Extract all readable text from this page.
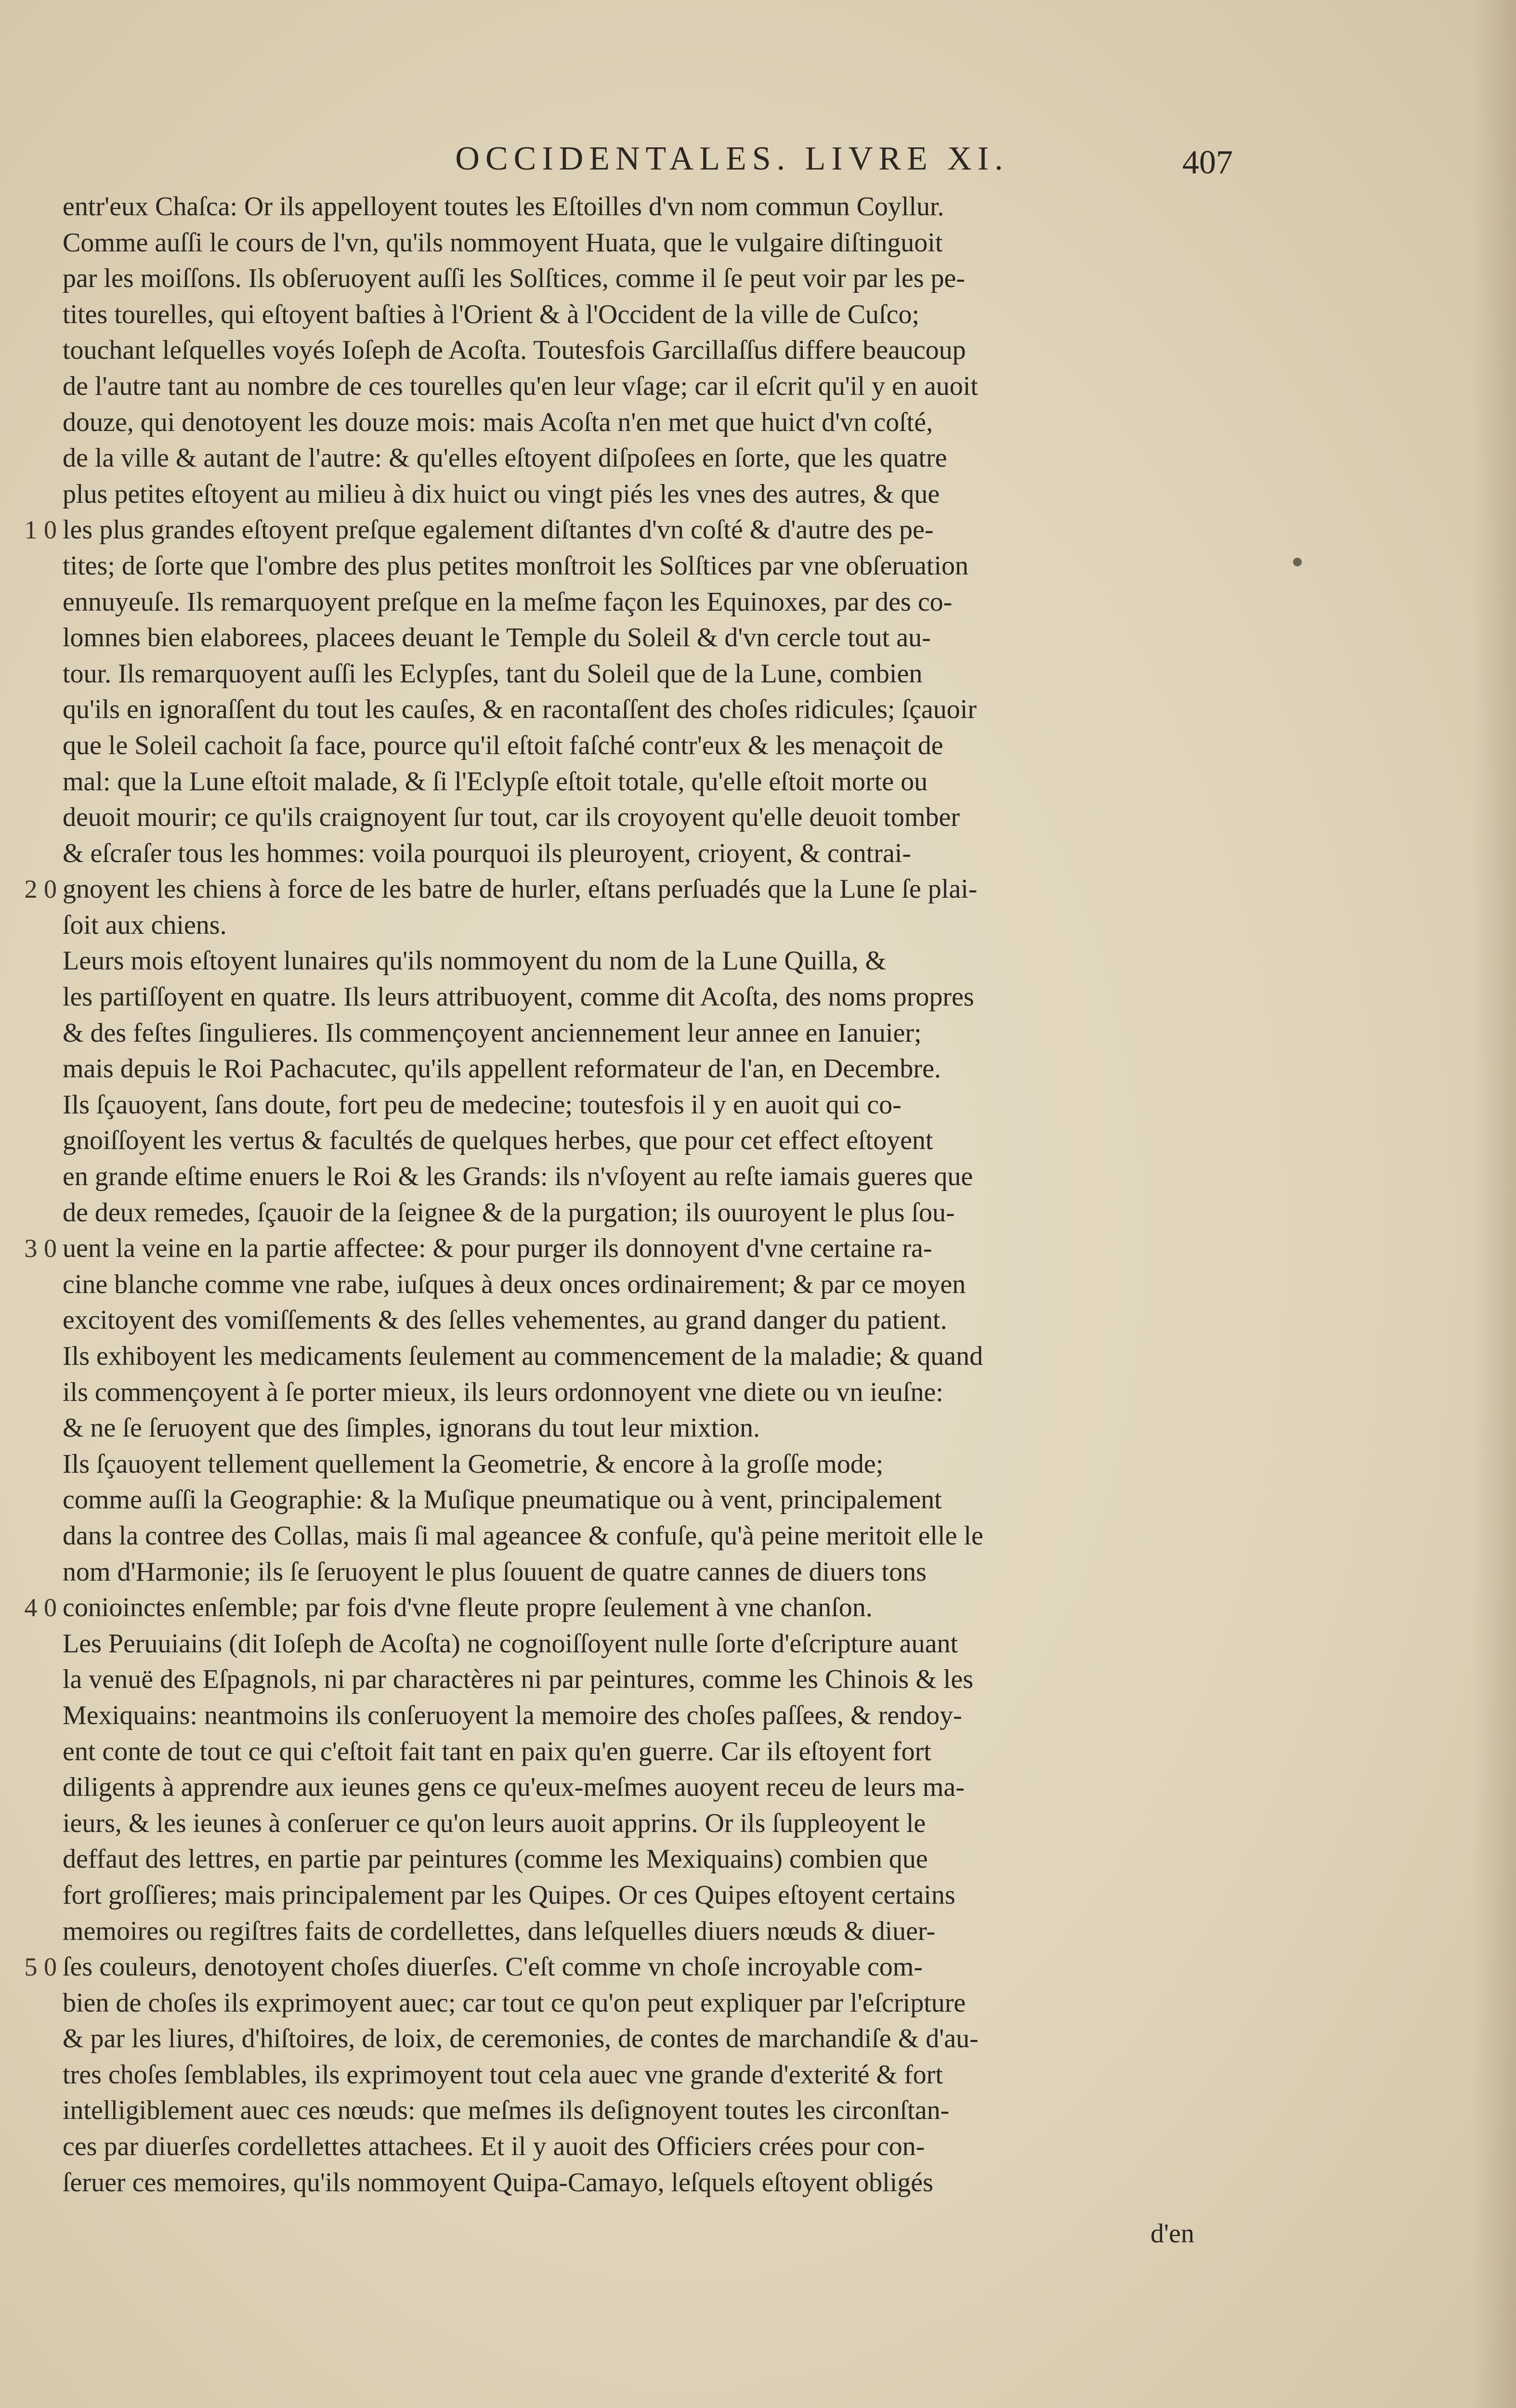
OCCIDENTALES. LIVRE XI.	407
entr'eux Chaſca: Or ils appelloyent toutes les Eſtoilles d'vn nom commun Coyllur.
Comme auſſi le cours de l'vn, qu'ils nommoyent Huata, que le vulgaire diſtinguoit
par les moiſſons. Ils obſeruoyent auſſi les Solſtices, comme il ſe peut voir par les pe-
tites tourelles, qui eſtoyent baſties à l'Orient & à l'Occident de la ville de Cuſco;
touchant leſquelles voyés Ioſeph de Acoſta. Toutesfois Garcillaſſus differe beaucoup
de l'autre tant au nombre de ces tourelles qu'en leur vſage; car il eſcrit qu'il y en auoit
douze, qui denotoyent les douze mois: mais Acoſta n'en met que huict d'vn coſté,
de la ville & autant de l'autre: & qu'elles eſtoyent diſpoſees en ſorte, que les quatre
plus petites eſtoyent au milieu à dix huict ou vingt piés les vnes des autres, & que
1 0 les plus grandes eſtoyent preſque egalement diſtantes d'vn coſté & d'autre des pe-
tites; de ſorte que l'ombre des plus petites monſtroit les Solſtices par vne obſeruation
ennuyeuſe. Ils remarquoyent preſque en la meſme façon les Equinoxes, par des co-
lomnes bien elaborees, placees deuant le Temple du Soleil & d'vn cercle tout au-
tour. Ils remarquoyent auſſi les Eclypſes, tant du Soleil que de la Lune, combien
qu'ils en ignoraſſent du tout les cauſes, & en racontaſſent des choſes ridicules; ſçauoir
que le Soleil cachoit ſa face, pource qu'il eſtoit faſché contr'eux & les menaçoit de
mal: que la Lune eſtoit malade, & ſi l'Eclypſe eſtoit totale, qu'elle eſtoit morte ou
deuoit mourir; ce qu'ils craignoyent ſur tout, car ils croyoyent qu'elle deuoit tomber
& eſcraſer tous les hommes: voila pourquoi ils pleuroyent, crioyent, & contrai-
2 0 gnoyent les chiens à force de les batre de hurler, eſtans perſuadés que la Lune ſe plai-
ſoit aux chiens.
Leurs mois eſtoyent lunaires qu'ils nommoyent du nom de la Lune Quilla, &
les partiſſoyent en quatre. Ils leurs attribuoyent, comme dit Acoſta, des noms propres
& des feſtes ſingulieres. Ils commençoyent anciennement leur annee en Ianuier;
mais depuis le Roi Pachacutec, qu'ils appellent reformateur de l'an, en Decembre.
Ils ſçauoyent, ſans doute, fort peu de medecine; toutesfois il y en auoit qui co-
gnoiſſoyent les vertus & facultés de quelques herbes, que pour cet effect eſtoyent
en grande eſtime enuers le Roi & les Grands: ils n'vſoyent au reſte iamais gueres que
de deux remedes, ſçauoir de la ſeignee & de la purgation; ils ouuroyent le plus ſou-
3 0 uent la veine en la partie affectee: & pour purger ils donnoyent d'vne certaine ra-
cine blanche comme vne rabe, iuſques à deux onces ordinairement; & par ce moyen
excitoyent des vomiſſements & des ſelles vehementes, au grand danger du patient.
Ils exhiboyent les medicaments ſeulement au commencement de la maladie; & quand
ils commençoyent à ſe porter mieux, ils leurs ordonnoyent vne diete ou vn ieuſne:
& ne ſe ſeruoyent que des ſimples, ignorans du tout leur mixtion.
Ils ſçauoyent tellement quellement la Geometrie, & encore à la groſſe mode;
comme auſſi la Geographie: & la Muſique pneumatique ou à vent, principalement
dans la contree des Collas, mais ſi mal ageancee & confuſe, qu'à peine meritoit elle le
nom d'Harmonie; ils ſe ſeruoyent le plus ſouuent de quatre cannes de diuers tons
4 0 conioinctes enſemble; par fois d'vne fleute propre ſeulement à vne chanſon.
Les Peruuiains (dit Ioſeph de Acoſta) ne cognoiſſoyent nulle ſorte d'eſcripture auant
la venuë des Eſpagnols, ni par charactères ni par peintures, comme les Chinois & les
Mexiquains: neantmoins ils conſeruoyent la memoire des choſes paſſees, & rendoy-
ent conte de tout ce qui c'eſtoit fait tant en paix qu'en guerre. Car ils eſtoyent fort
diligents à apprendre aux ieunes gens ce qu'eux-meſmes auoyent receu de leurs ma-
ieurs, & les ieunes à conſeruer ce qu'on leurs auoit apprins. Or ils ſuppleoyent le
deffaut des lettres, en partie par peintures (comme les Mexiquains) combien que
fort groſſieres; mais principalement par les Quipes. Or ces Quipes eſtoyent certains
memoires ou regiſtres faits de cordellettes, dans leſquelles diuers nœuds & diuer-
5 0 ſes couleurs, denotoyent choſes diuerſes. C'eſt comme vn choſe incroyable com-
bien de choſes ils exprimoyent auec; car tout ce qu'on peut expliquer par l'eſcripture
& par les liures, d'hiſtoires, de loix, de ceremonies, de contes de marchandiſe & d'au-
tres choſes ſemblables, ils exprimoyent tout cela auec vne grande d'exterité & fort
intelligiblement auec ces nœuds: que meſmes ils deſignoyent toutes les circonſtan-
ces par diuerſes cordellettes attachees. Et il y auoit des Officiers crées pour con-
ſeruer ces memoires, qu'ils nommoyent Quipa-Camayo, leſquels eſtoyent obligés
d'en
